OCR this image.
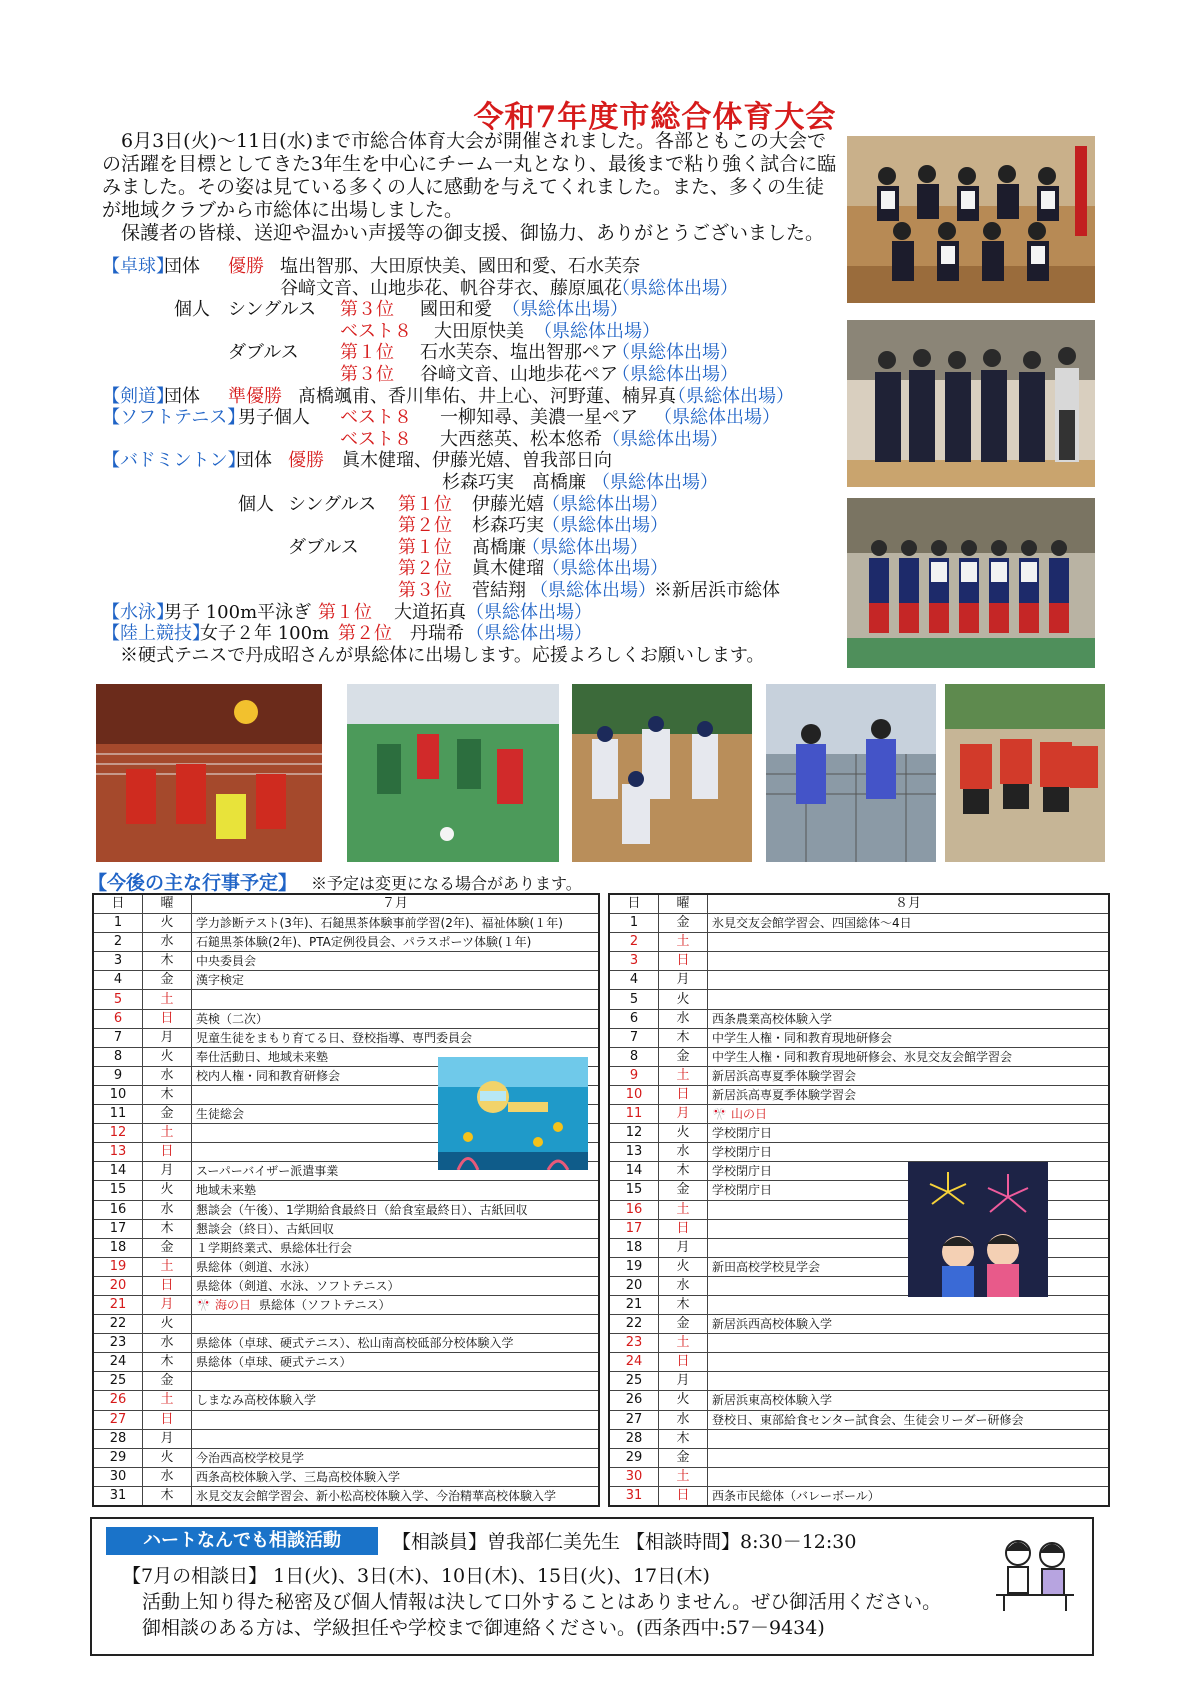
令和7年度市総合体育大会

　6月3日(火)～11日(水)まで市総合体育大会が開催されました。各部ともこの大会での活躍を目標としてきた3年生を中心にチーム一丸となり、最後まで粘り強く試合に臨みました。その姿は見ている多くの人に感動を与えてくれました。また、多くの生徒が地域クラブから市総体に出場しました。

　保護者の皆様、送迎や温かい声援等の御支援、御協力、ありがとうございました。

【卓球】
団体 優勝 塩出智那、大田原快美、國田和愛、石水芙奈
谷﨑文音、山地歩花、帆谷芽衣、藤原風花
（県総体出場）
個人 シングルス 第３位 國田和愛 （県総体出場）
ベスト８ 大田原快美 （県総体出場）
ダブルス 第１位 石水芙奈、塩出智那ペア
（県総体出場）
第３位 谷﨑文音、山地歩花ペア
（県総体出場）
【剣道】
団体 準優勝 髙橋颯甫、香川隼佑、井上心、河野蓮、楠昇真
（県総体出場）
【ソフトテニス】
男子個人 ベスト８ 一柳知尋、美濃一星ペア （県総体出場）
ベスト８ 大西慈英、松本悠希 （県総体出場）
【バドミントン】
団体 優勝 眞木健瑠、伊藤光嬉、曽我部日向
杉森巧実　髙橋廉 （県総体出場）
個人 シングルス 第１位 伊藤光嬉
（県総体出場）
第２位 杉森巧実
（県総体出場）
ダブルス 第１位 髙橋廉
（県総体出場）
第２位 眞木健瑠
（県総体出場）
第３位 菅結翔 （県総体出場）
※新居浜市総体
【水泳】
男子 100m平泳ぎ 第１位 大道拓真 （県総体出場）
【陸上競技】
女子２年 100m 第２位 丹瑞希 （県総体出場）
　※硬式テニスで丹成昭さんが県総体に出場します。応援よろしくお願いします。
【今後の主な行事予定】 ※予定は変更になる場合があります。
日	曜	７月
1	火	学力診断テスト(3年)、石鎚黒茶体験事前学習(2年)、福祉体験(１年)
2	水	石鎚黒茶体験(2年)、PTA定例役員会、パラスポーツ体験(１年)
3	木	中央委員会
4	金	漢字検定
5	土	
6	日	英検（二次）
7	月	児童生徒をまもり育てる日、登校指導、専門委員会
8	火	奉仕活動日、地域未来塾
9	水	校内人権・同和教育研修会
10	木	
11	金	生徒総会
12	土	
13	日	
14	月	スーパーバイザー派遣事業
15	火	地域未来塾
16	水	懇談会（午後）、1学期給食最終日（給食室最終日）、古紙回収
17	木	懇談会（終日）、古紙回収
18	金	１学期終業式、県総体壮行会
19	土	県総体（剣道、水泳）
20	日	県総体（剣道、水泳、ソフトテニス）
21	月	🎌 海の日 県総体（ソフトテニス）
22	火	
23	水	県総体（卓球、硬式テニス）、松山南高校砥部分校体験入学
24	木	県総体（卓球、硬式テニス）
25	金	
26	土	しまなみ高校体験入学
27	日	
28	月	
29	火	今治西高校学校見学
30	水	西条高校体験入学、三島高校体験入学
31	木	氷見交友会館学習会、新小松高校体験入学、今治精華高校体験入学
日	曜	８月
1	金	氷見交友会館学習会、四国総体～4日
2	土	
3	日	
4	月	
5	火	
6	水	西条農業高校体験入学
7	木	中学生人権・同和教育現地研修会
8	金	中学生人権・同和教育現地研修会、氷見交友会館学習会
9	土	新居浜高専夏季体験学習会
10	日	新居浜高専夏季体験学習会
11	月	🎌 山の日
12	火	学校閉庁日
13	水	学校閉庁日
14	木	学校閉庁日
15	金	学校閉庁日
16	土	
17	日	
18	月	
19	火	新田高校学校見学会
20	水	
21	木	
22	金	新居浜西高校体験入学
23	土	
24	日	
25	月	
26	火	新居浜東高校体験入学
27	水	登校日、東部給食センター試食会、生徒会リーダー研修会
28	木	
29	金	
30	土	
31	日	西条市民総体（バレーボール）
ハートなんでも相談活動	【相談員】曽我部仁美先生 【相談時間】8:30－12:30
【7月の相談日】 1日(火)、3日(木)、10日(木)、15日(火)、17日(木)
活動上知り得た秘密及び個人情報は決して口外することはありません。ぜひ御活用ください。
御相談のある方は、学級担任や学校まで御連絡ください。(西条西中:57－9434)
